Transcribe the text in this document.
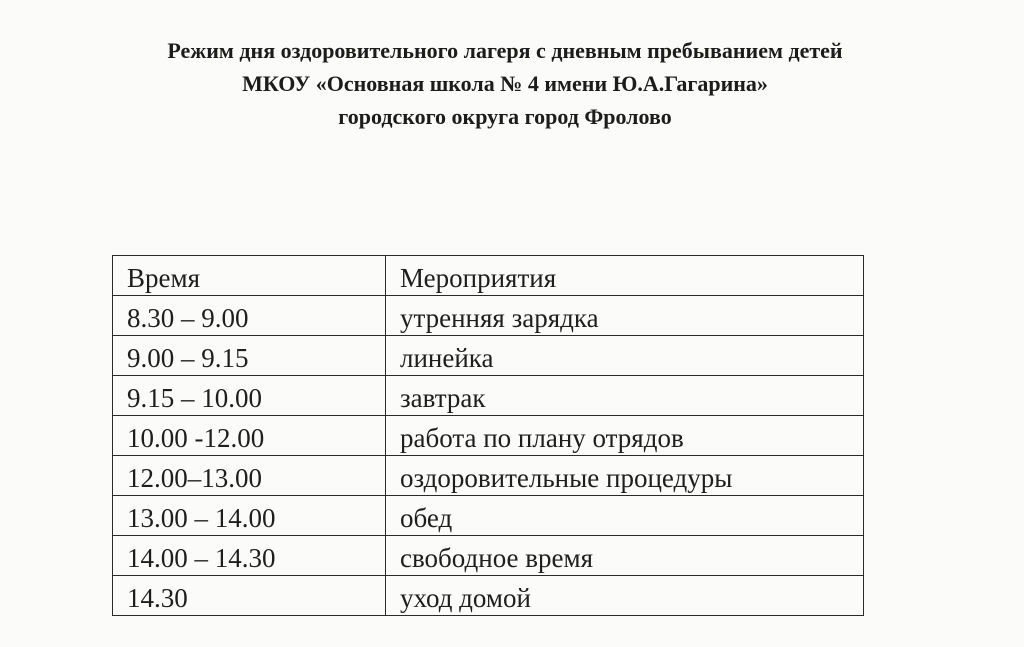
Режим дня оздоровительного лагеря с дневным пребыванием детей
МКОУ «Основная школа № 4 имени Ю.А.Гагарина»
городского округа город Фролово
Время	Мероприятия
8.30 – 9.00	утренняя зарядка
9.00 – 9.15	линейка
9.15 – 10.00	завтрак
10.00 -12.00	работа по плану отрядов
12.00–13.00	оздоровительные процедуры
13.00 – 14.00	обед
14.00 – 14.30	свободное время
14.30	уход домой
